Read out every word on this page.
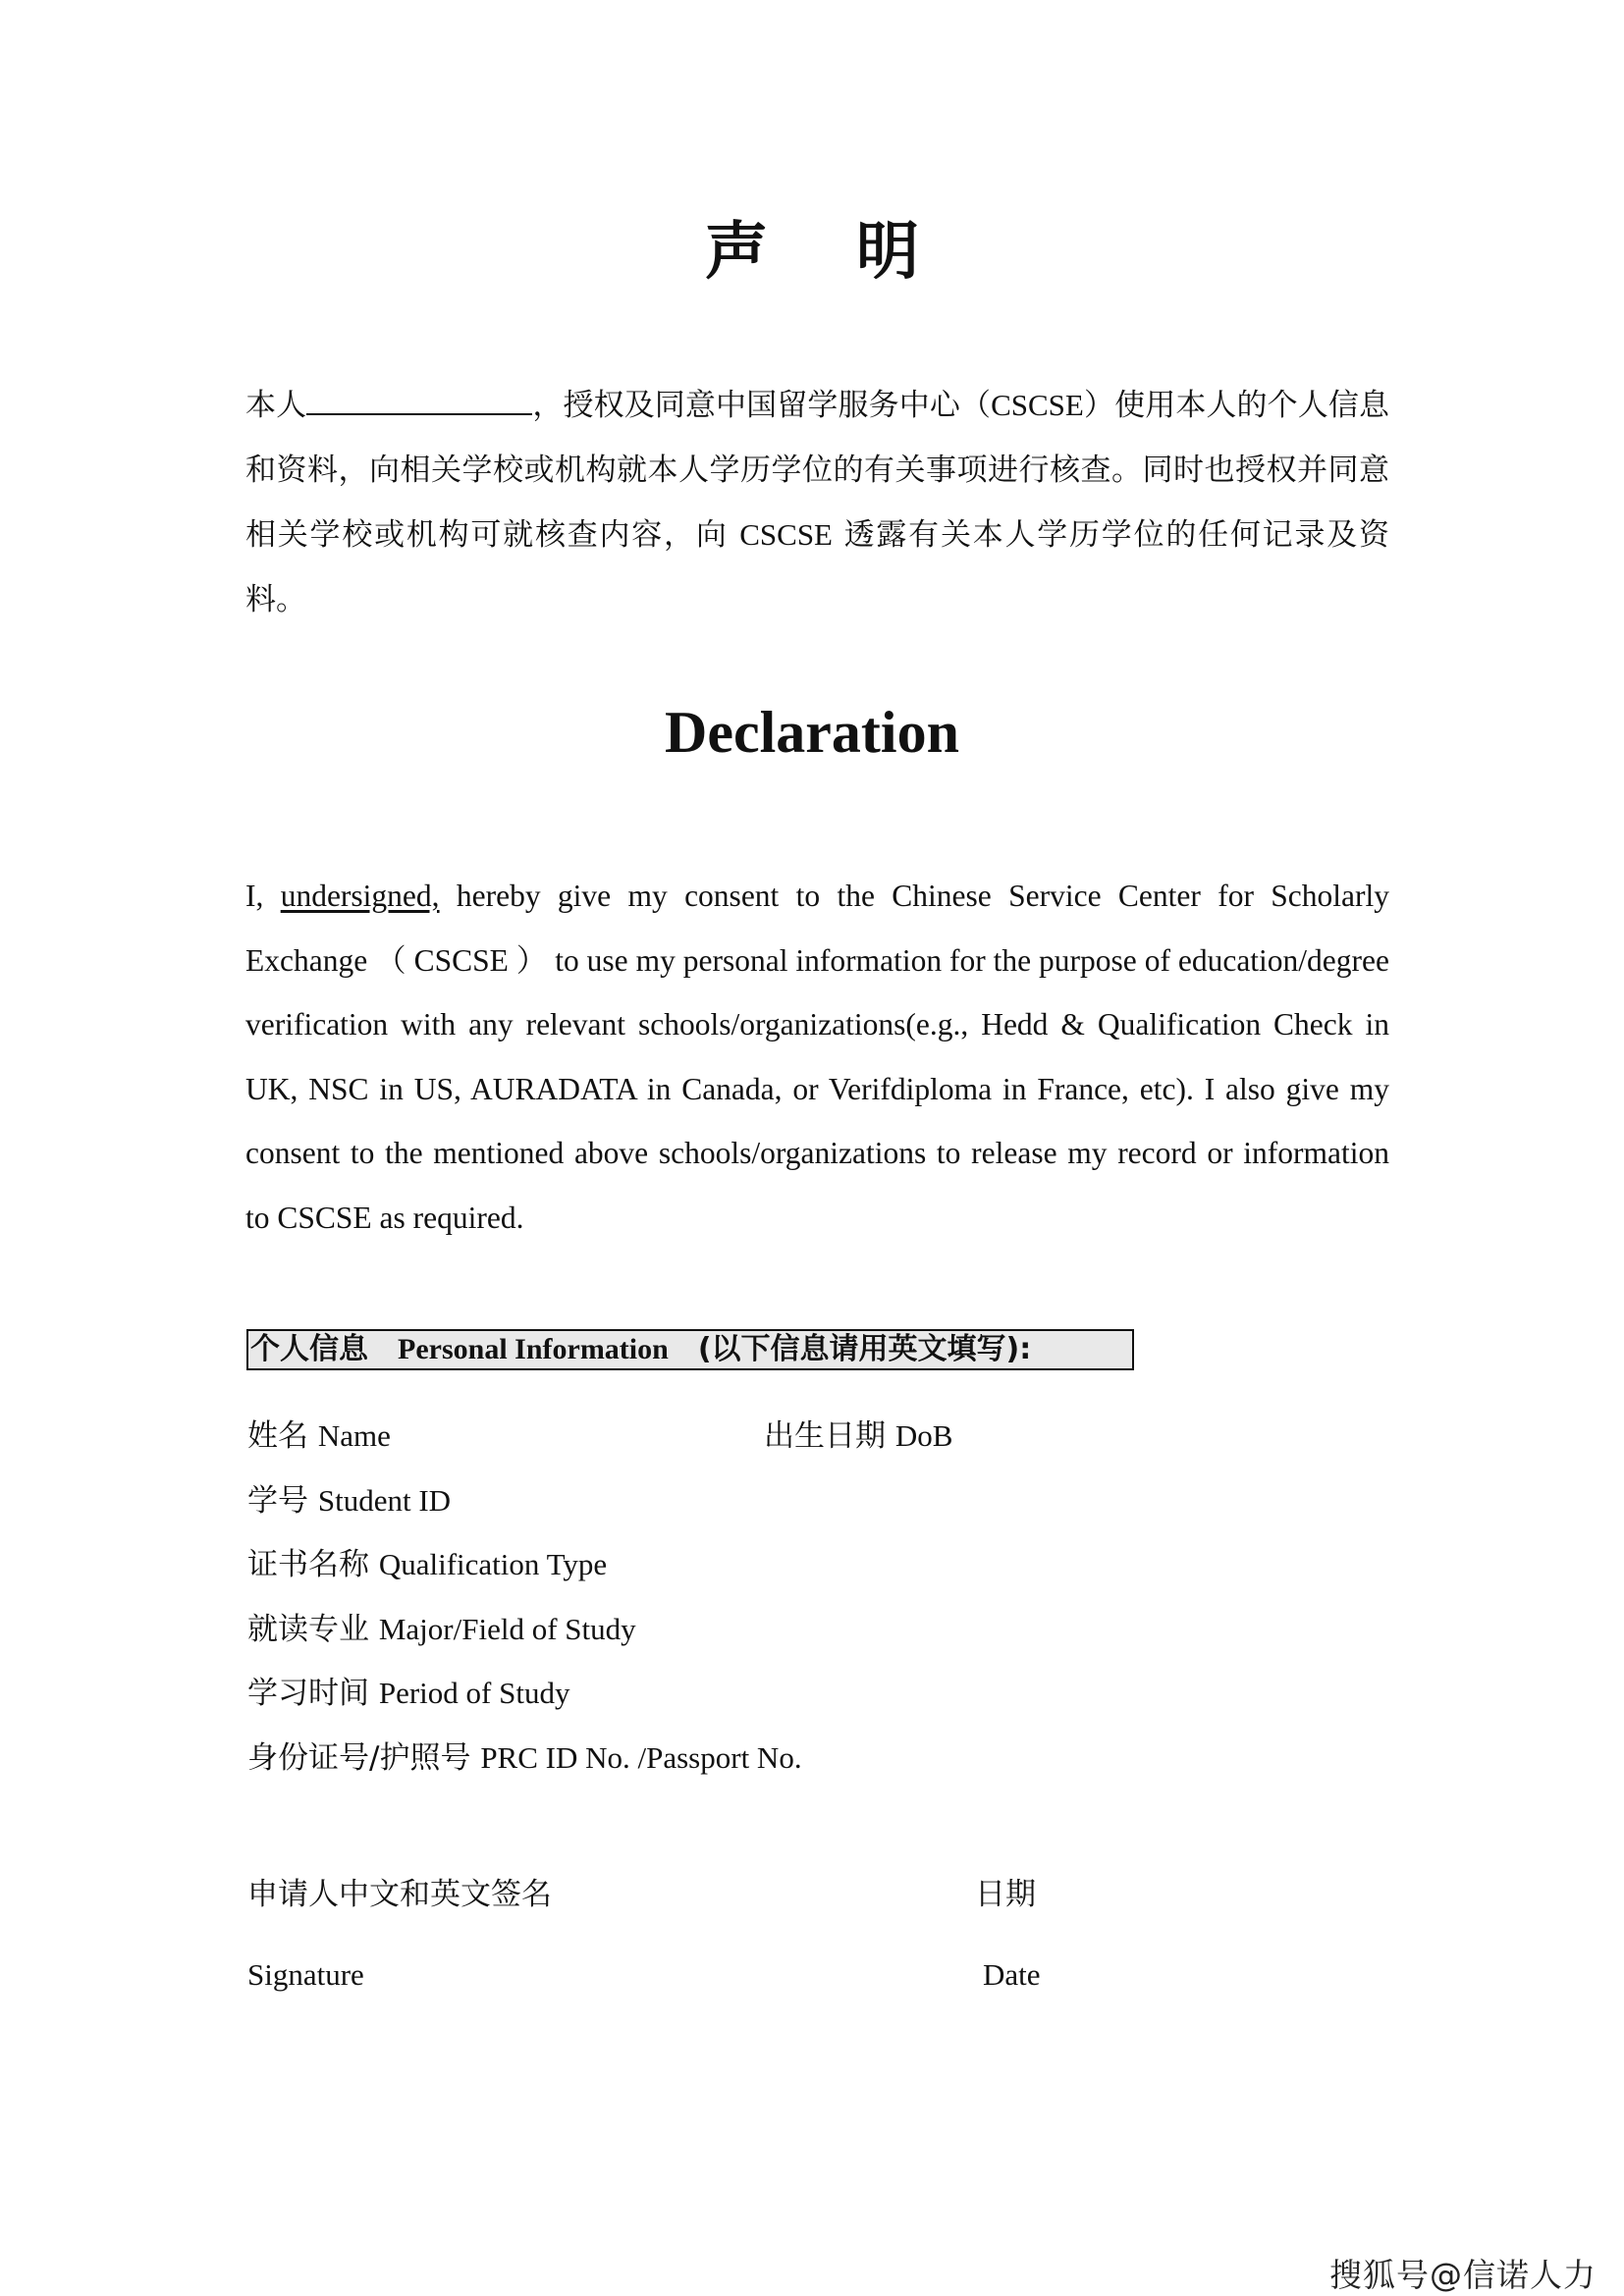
声明
本人	，授权及同意中国留学服务中心（CSCSE）使用本人的个人信息和资料，向相关学校或机构就本人学历学位的有关事项进行核查。同时也授权并同意相关学校或机构可就核查内容，向 CSCSE 透露有关本人学历学位的任何记录及资料。
Declaration
I, undersigned, hereby give my consent to the Chinese Service Center for Scholarly Exchange （ CSCSE ） to use my personal information for the purpose of education/degree verification with any relevant schools/organizations(e.g., Hedd & Qualification Check in UK, NSC in US, AURADATA in Canada, or Verifdiploma in France, etc). I also give my consent to the mentioned above schools/organizations to release my record or information to CSCSE as required.
个人信息 Personal Information (以下信息请用英文填写):
姓名 Name	出生日期 DoB
学号 Student ID
证书名称 Qualification Type
就读专业 Major/Field of Study
学习时间 Period of Study
身份证号/护照号 PRC ID No. /Passport No.
申请人中文和英文签名	日期
Signature	Date
搜狐号@信诺人力
